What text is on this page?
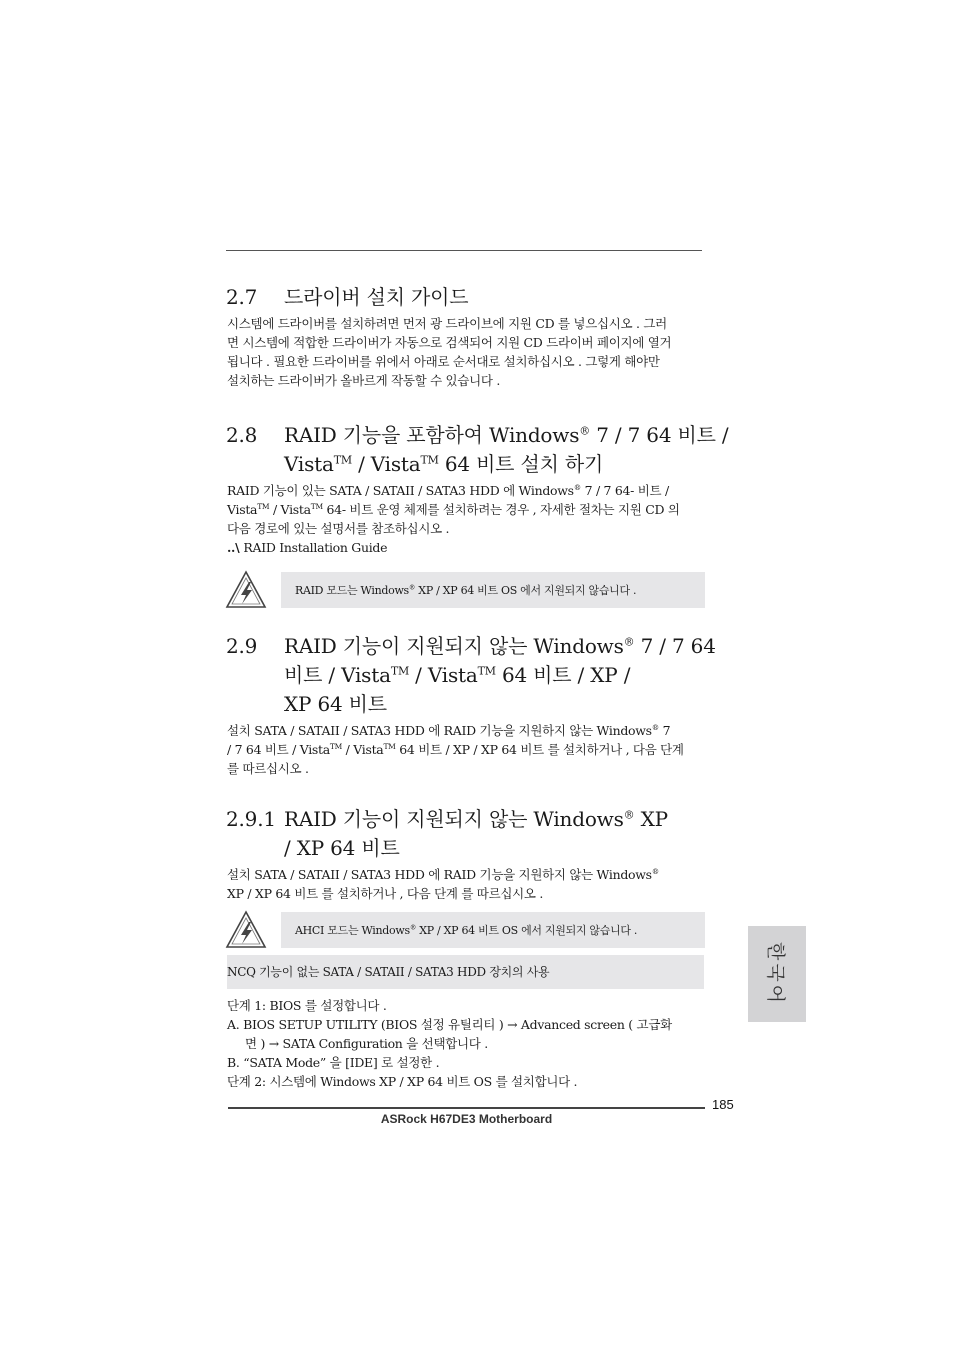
2.7 드라이버 설치 가이드
시스템에 드라이버를 설치하려면 먼저 광 드라이브에 지원 CD 를 넣으십시오 . 그러
면 시스템에 적합한 드라이버가 자동으로 검색되어 지원 CD 드라이버 페이지에 열거
됩니다 . 필요한 드라이버를 위에서 아래로 순서대로 설치하십시오 . 그렇게 해야만
설치하는 드라이버가 올바르게 작동할 수 있습니다 .
2.8 RAID 기능을 포함하여 Windows® 7 / 7 64 비트 /
Vista™ / Vista™ 64 비트 설치 하기
RAID 기능이 있는 SATA / SATAII / SATA3 HDD 에 Windows® 7 / 7 64- 비트 /
Vista™ / Vista™ 64- 비트 운영 체제를 설치하려는 경우 , 자세한 절차는 지원 CD 의
다음 경로에 있는 설명서를 참조하십시오 .
..\ RAID Installation Guide
RAID 모드는 Windows® XP / XP 64 비트 OS 에서 지원되지 않습니다 .
2.9 RAID 기능이 지원되지 않는 Windows® 7 / 7 64
비트 / Vista™ / Vista™ 64 비트 / XP /
XP 64 비트
설치 SATA / SATAII / SATA3 HDD 에 RAID 기능을 지원하지 않는 Windows® 7
/ 7 64 비트 / Vista™ / Vista™ 64 비트 / XP / XP 64 비트 를 설치하거나 , 다음 단계
를 따르십시오 .
2.9.1 RAID 기능이 지원되지 않는 Windows® XP
/ XP 64 비트
설치 SATA / SATAII / SATA3 HDD 에 RAID 기능을 지원하지 않는 Windows®
XP / XP 64 비트 를 설치하거나 , 다음 단계 를 따르십시오 .
AHCI 모드는 Windows® XP / XP 64 비트 OS 에서 지원되지 않습니다 .
NCQ 기능이 없는 SATA / SATAII / SATA3 HDD 장치의 사용
단계 1: BIOS 를 설정합니다 .
A. BIOS SETUP UTILITY (BIOS 설정 유틸리티 ) → Advanced screen ( 고급화
면 ) → SATA Configuration 을 선택합니다 .
B. “SATA Mode” 을 [IDE] 로 설정한 .
단계 2: 시스템에 Windows XP / XP 64 비트 OS 를 설치합니다 .
한국어
185
ASRock H67DE3 Motherboard
